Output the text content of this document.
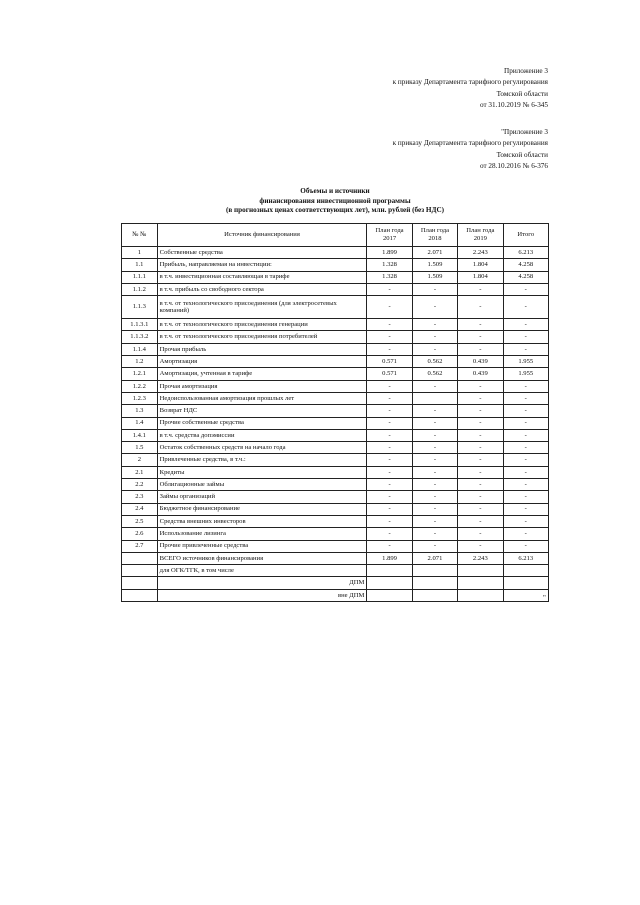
Приложение 3
к приказу Департамента тарифного регулирования
Томской области
от 31.10.2019 № 6-345
"Приложение 3
к приказу Департамента тарифного регулирования
Томской области
от 28.10.2016 № 6-376
Объемы и источники
финансирования инвестиционной программы
(в прогнозных ценах соответствующих лет), млн. рублей (без НДС)
№ №	Источник финансирования	План года 2017	План года 2018	План года 2019	Итого
1	Собственные средства	1.899	2.071	2.243	6.213
1.1	Прибыль, направляемая на инвестиции:	1.328	1.509	1.804	4.258
1.1.1	в т.ч. инвестиционная составляющая в тарифе	1.328	1.509	1.804	4.258
1.1.2	в т.ч. прибыль со свободного сектора	-	-	-	-
1.1.3	в т.ч. от технологического присоединения (для электросетевых компаний)	-	-	-	-
1.1.3.1	в т.ч. от технологического присоединения генерации	-	-	-	-
1.1.3.2	в т.ч. от технологического присоединения потребителей	-	-	-	-
1.1.4	Прочая прибыль	-	-	-	-
1.2	Амортизация	0.571	0.562	0.439	1.955
1.2.1	Амортизация, учтенная в тарифе	0.571	0.562	0.439	1.955
1.2.2	Прочая амортизация	-	-	-	-
1.2.3	Недоиспользованная амортизация прошлых лет	-		-	-
1.3	Возврат НДС	-	-	-	-
1.4	Прочие собственные средства	-	-	-	-
1.4.1	в т.ч. средства допэмиссии	-	-	-	-
1.5	Остаток собственных средств на начало года	-	-	-	-
2	Привлеченные средства, в т.ч.:	-	-	-	-
2.1	Кредиты	-	-	-	-
2.2	Облигационные займы	-	-	-	-
2.3	Займы организаций	-	-	-	-
2.4	Бюджетное финансирование	-	-	-	-
2.5	Средства внешних инвесторов	-	-	-	-
2.6	Использование лизинга	-	-	-	-
2.7	Прочие привлеченные средства	-	-	-	-
	ВСЕГО источников финансирования	1.899	2.071	2.243	6.213
	для ОГК/ТГК, в том числе				
	ДПМ				
	вне ДПМ					"
